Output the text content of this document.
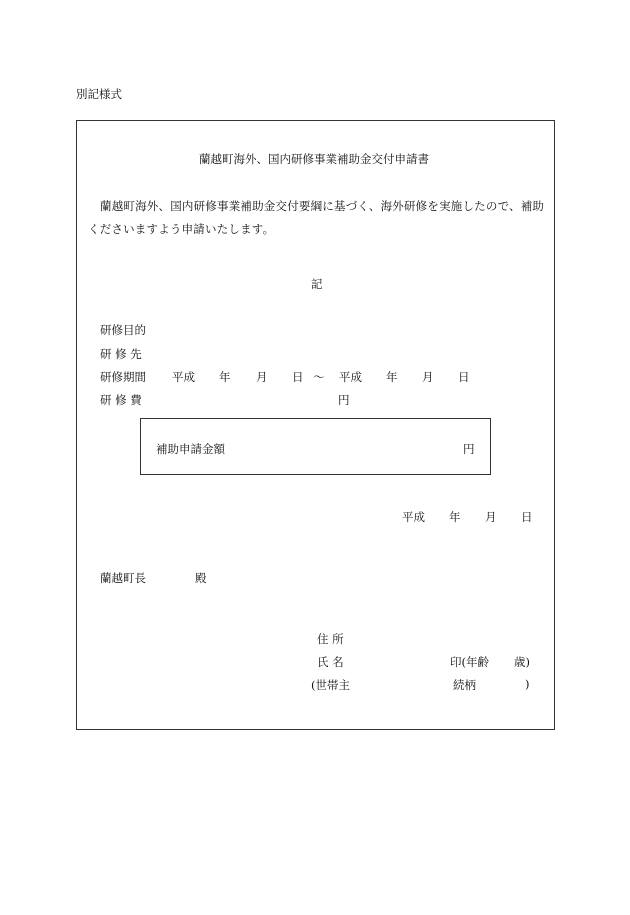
別記様式
蘭越町海外、国内研修事業補助金交付申請書
蘭越町海外、国内研修事業補助金交付要綱に基づく、海外研修を実施したので、補助くださいますよう申請いたします。
記
研修目的
研 修 先
研修期間 平成 年 月 日 ～ 平成 年 月 日
研 修 費	円
補助申請金額	円
平成 年 月 日
蘭越町長	殿
住 所
氏 名	印(年齢 歳)
(世帯主	続柄	)
